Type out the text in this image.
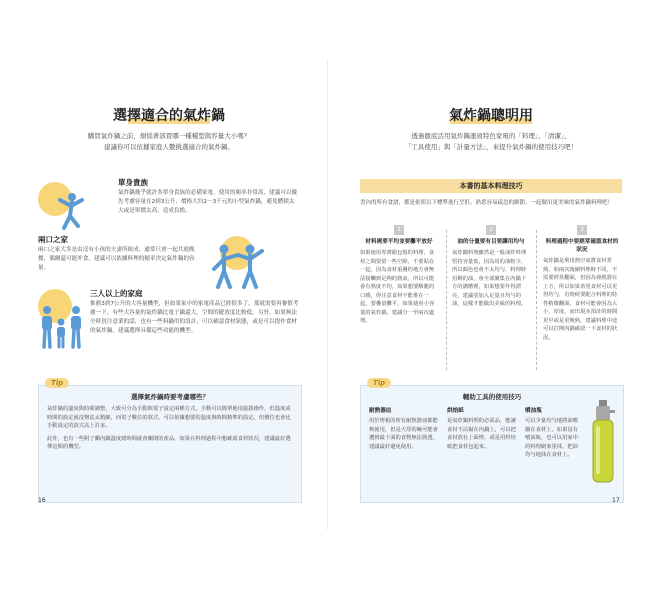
選擇適合的氣炸鍋
購買氣炸鍋之前，煩惱著該買哪一種種型與容量大小嗎？
建議你可以依據家庭人數挑選適合的氣炸鍋。
單身貴族
氣炸鍋幾乎就許多單身貴族的必備家電，使用的頻率非常高，建議可以優先考慮容量在2到3公升，價格大約2～3千元的小型氣炸鍋，避免體積太大或是單價太高，造成負擔。
兩口之家
兩口之家大多是由沒有小孩的夫妻所組成，通常只會一起共進晚餐，偶爾還可能外食，建議可以依據料理的頻率決定氣炸鍋的容量。
三人以上的家庭
推薦3到7公升的大容量機型，但如果家中的家電產品已經很多了，那就需要再審慎考慮一下，有些大容量的氣炸鍋比電子鍋還大，空間的擺放度比較低。另外，如果無法全時買注意業的話，也有一些料鍋用的設計，可以確認食材狀態，或是可以提作食材的氣炸鍋，建議選擇具備這些功能的機型。
Tip
選擇氣炸鍋時要考慮哪些？

氣炸鍋的溫度與時間調整，大致可分為手動與電子設定兩種方式。手動可以簡單地用旋鈕操作，但溫度或時間的設定就沒辦法太精細，而電子數位的款式，可以依據想要的溫度與時間精準的設定，但價位也會比手動設定的款式高上許多。

此外，也有一些附了蘭內鍋溫度總時間就會蘭閉的產品，如果在料理過程中想確認食材狀況，建議最好選擇這類的機型。

16
氣炸鍋聰明用
透過徹底活用氣炸鍋運致特色家電的「料理」、「清潔」、
「工具使用」與「計量方法」，來提升氣炸鍋的使用技巧吧！
本書的基本料理技巧
書內的所有食譜，都是依照以下標準進行烹飪。熟悉容易疏忽的細節，一起做出更美味的氣炸鍋料理吧！
1
材料需要平均並要攤平放好

如果使用厚薄錯包般的料理，食材之間要留一些空隙，不要貼在一起，因為食材重疊的地方會無法接觸到足夠的熱氣，所以可能會有熟度不均，如果想要酥脆的口感，得注意食材不能堆在一起，要疊量攤平，如果使用小容量的氣炸鍋，建議分一至兩次處理。

2
油的分量要有目要讓用均勻

氣炸鍋料理雖然是一般油炸料理堅持容量低，因為用的油較少，所以顏色也會不太均勻，料理時用剩的油，會全部聚集在內鍋下方的溝槽裡，如果想要作得漂亮，建議塗加入足量且均勻的油，這樣才能做出美味的料理。

3
料理過程中要經常確認食材的狀況

氣炸鍋是利用熱空氣將食材煮熟，和兩次後續料理時不同，不需要經常翻面，但因為發熱器在上方，所以如果希望食材可以更得均勻，有時候要配合料理的特性稍微翻面，食材可能會因為大小、厚度，而出現本預計的時間更早或是更晚熟，建議料理中途可以打開內鍋確認一下食材的狀況。

Tip
輔助工具的使用技巧
耐熱器皿

用於烤箱的所有耐熱器皿都能夠使用，但是大厚的碗可能會遭到最下面的食物無法熟透，建議最好避免使用。

烘焙紙

是氣炸鍋料理的必需品，能讓食材不沾黏在內鍋上，可以把食材放在上面烤，或是用烘焙紙把食材包起來。

噴油瓶

可以少量均勻地將油噴灑在食材上，如果沒有噴油瓶，也可以用家中的料理刷來塗抹，把油均勻地抹在食材上。

17
